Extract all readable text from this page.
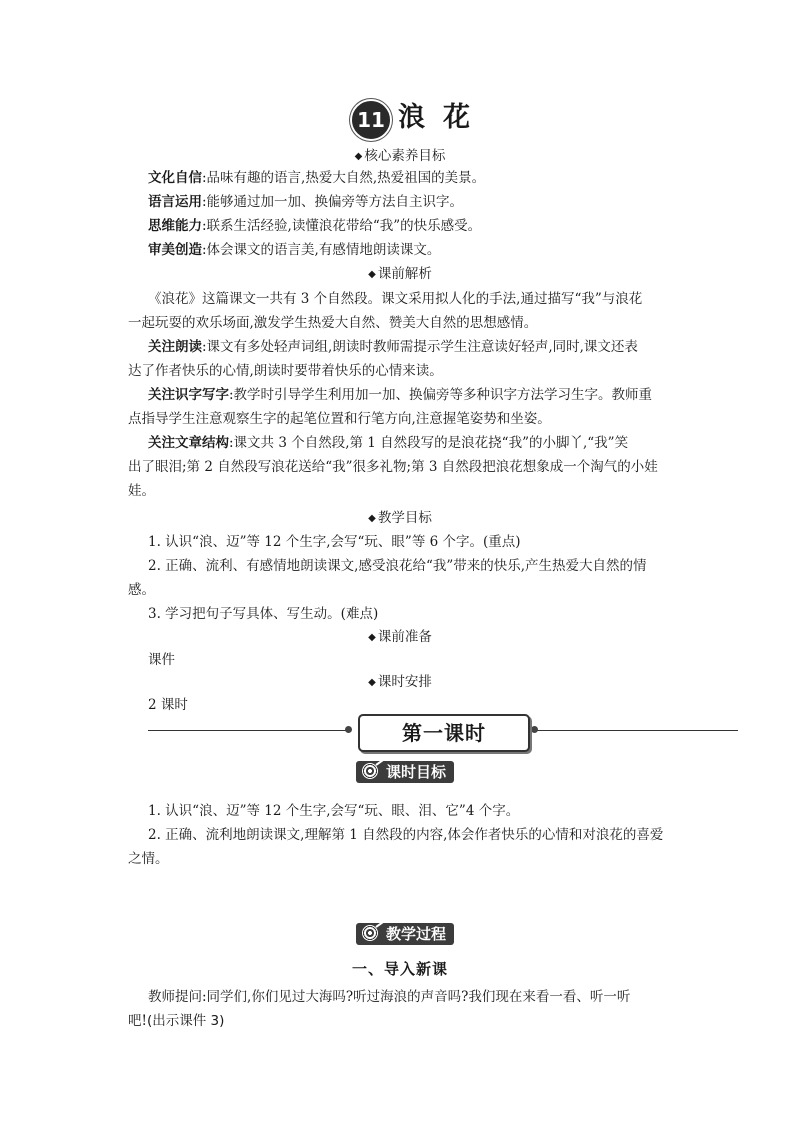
11 浪花
◆ 核心素养目标
文化自信:品味有趣的语言,热爱大自然,热爱祖国的美景。
语言运用:能够通过加一加、换偏旁等方法自主识字。
思维能力:联系生活经验,读懂浪花带给“我”的快乐感受。
审美创造:体会课文的语言美,有感情地朗读课文。
◆ 课前解析
《浪花》这篇课文一共有 3 个自然段。课文采用拟人化的手法,通过描写“我”与浪花
一起玩耍的欢乐场面,激发学生热爱大自然、赞美大自然的思想感情。
关注朗读:课文有多处轻声词组,朗读时教师需提示学生注意读好轻声,同时,课文还表
达了作者快乐的心情,朗读时要带着快乐的心情来读。
关注识字写字:教学时引导学生利用加一加、换偏旁等多种识字方法学习生字。教师重
点指导学生注意观察生字的起笔位置和行笔方向,注意握笔姿势和坐姿。
关注文章结构:课文共 3 个自然段,第 1 自然段写的是浪花挠“我”的小脚丫,“我”笑
出了眼泪;第 2 自然段写浪花送给“我”很多礼物;第 3 自然段把浪花想象成一个淘气的小娃
娃。
◆ 教学目标
1. 认识“浪、迈”等 12 个生字,会写“玩、眼”等 6 个字。(重点)
2. 正确、流利、有感情地朗读课文,感受浪花给“我”带来的快乐,产生热爱大自然的情
感。
3. 学习把句子写具体、写生动。(难点)
◆ 课前准备
课件
◆ 课时安排
2 课时
第一课时
课时目标
1. 认识“浪、迈”等 12 个生字,会写“玩、眼、泪、它”4 个字。
2. 正确、流利地朗读课文,理解第 1 自然段的内容,体会作者快乐的心情和对浪花的喜爱
之情。
教学过程
一、导入新课
教师提问:同学们,你们见过大海吗?听过海浪的声音吗?我们现在来看一看、听一听
吧!(出示课件 3)
